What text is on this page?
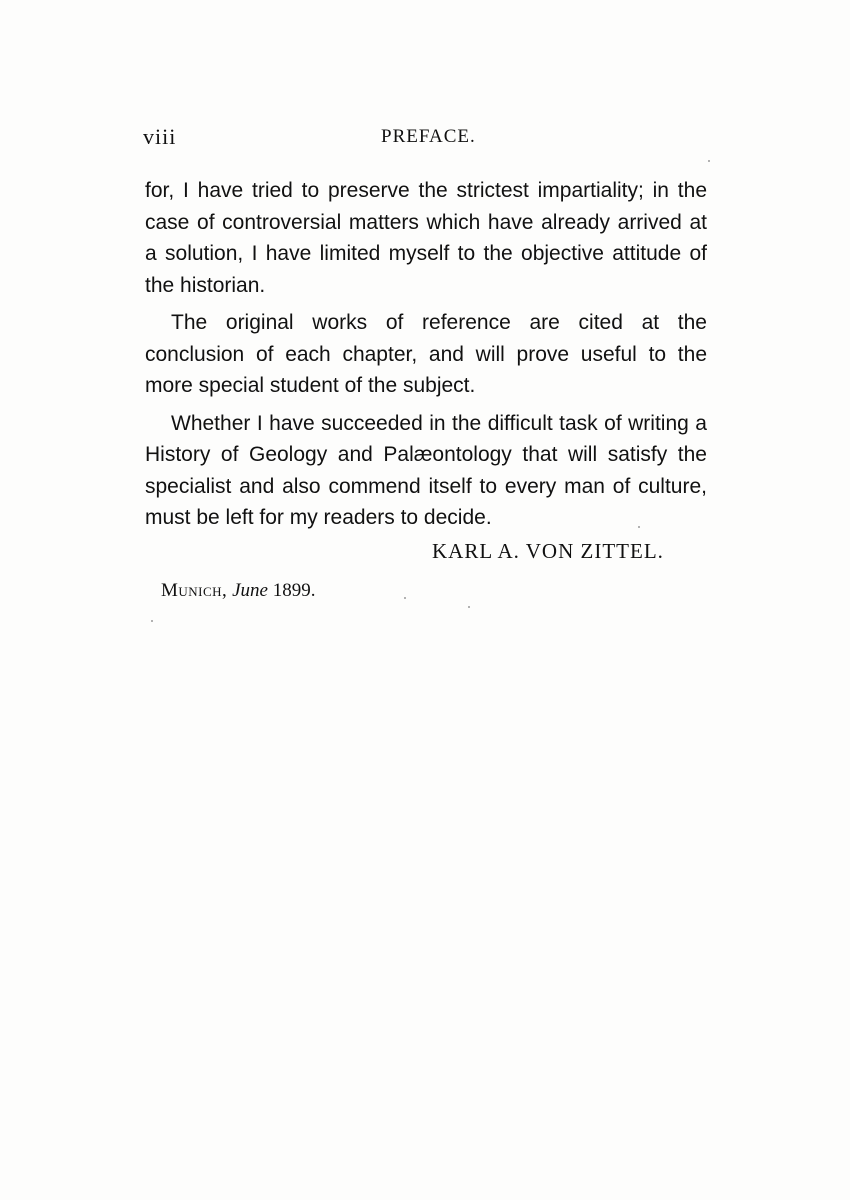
viii	PREFACE.

for, I have tried to preserve the strictest impartiality; in the case of controversial matters which have already arrived at a solution, I have limited myself to the objective attitude of the historian.

The original works of reference are cited at the conclusion of each chapter, and will prove useful to the more special student of the subject.

Whether I have succeeded in the difficult task of writing a History of Geology and Palæontology that will satisfy the specialist and also commend itself to every man of culture, must be left for my readers to decide.

KARL A. VON ZITTEL.
Munich, June 1899.
